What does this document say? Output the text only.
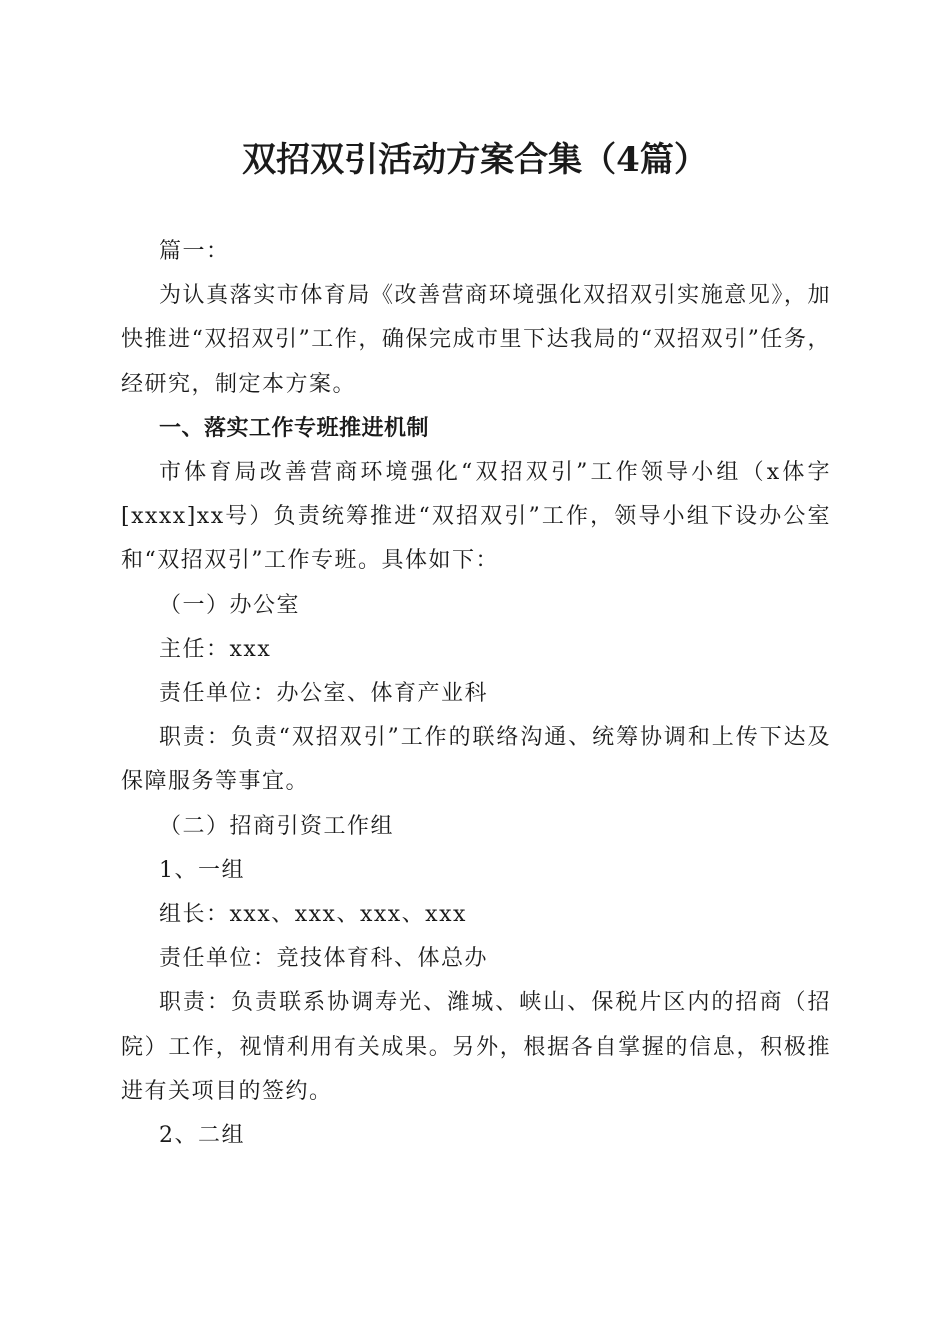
双招双引活动方案合集（4篇）

篇一：

为认真落实市体育局《改善营商环境强化双招双引实施意见》，加快推进“双招双引”工作，确保完成市里下达我局的“双招双引”任务，经研究，制定本方案。

一、落实工作专班推进机制

市体育局改善营商环境强化“双招双引”工作领导小组（x体字[xxxx]xx号）负责统筹推进“双招双引”工作，领导小组下设办公室和“双招双引”工作专班。具体如下：

（一）办公室

主任：xxx

责任单位：办公室、体育产业科

职责：负责“双招双引”工作的联络沟通、统筹协调和上传下达及保障服务等事宜。

（二）招商引资工作组

1、一组

组长：xxx、xxx、xxx、xxx

责任单位：竞技体育科、体总办

职责：负责联系协调寿光、潍城、峡山、保税片区内的招商（招院）工作，视情利用有关成果。另外，根据各自掌握的信息，积极推进有关项目的签约。

2、二组
